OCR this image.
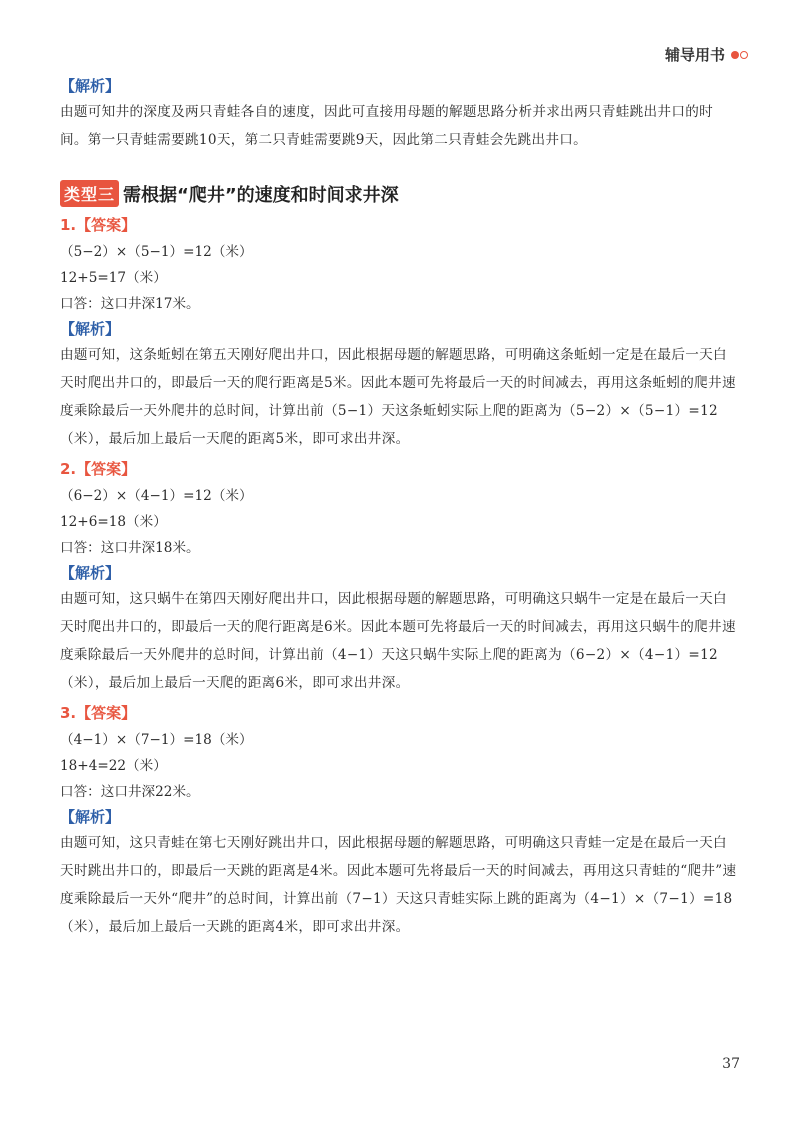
辅导用书

【解析】

由题可知井的深度及两只青蛙各自的速度，因此可直接用母题的解题思路分析并求出两只青蛙跳出井口的时间。第一只青蛙需要跳10天，第二只青蛙需要跳9天，因此第二只青蛙会先跳出井口。

类型三 需根据“爬井”的速度和时间求井深

1.【答案】

（5−2）×（5−1）=12（米）

12+5=17（米）

口答：这口井深17米。

【解析】

由题可知，这条蚯蚓在第五天刚好爬出井口，因此根据母题的解题思路，可明确这条蚯蚓一定是在最后一天白天时爬出井口的，即最后一天的爬行距离是5米。因此本题可先将最后一天的时间减去，再用这条蚯蚓的爬井速度乘除最后一天外爬井的总时间，计算出前（5−1）天这条蚯蚓实际上爬的距离为（5−2）×（5−1）=12（米），最后加上最后一天爬的距离5米，即可求出井深。

2.【答案】

（6−2）×（4−1）=12（米）

12+6=18（米）

口答：这口井深18米。

【解析】

由题可知，这只蜗牛在第四天刚好爬出井口，因此根据母题的解题思路，可明确这只蜗牛一定是在最后一天白天时爬出井口的，即最后一天的爬行距离是6米。因此本题可先将最后一天的时间减去，再用这只蜗牛的爬井速度乘除最后一天外爬井的总时间，计算出前（4−1）天这只蜗牛实际上爬的距离为（6−2）×（4−1）=12（米），最后加上最后一天爬的距离6米，即可求出井深。

3.【答案】

（4−1）×（7−1）=18（米）

18+4=22（米）

口答：这口井深22米。

【解析】

由题可知，这只青蛙在第七天刚好跳出井口，因此根据母题的解题思路，可明确这只青蛙一定是在最后一天白天时跳出井口的，即最后一天跳的距离是4米。因此本题可先将最后一天的时间减去，再用这只青蛙的“爬井”速度乘除最后一天外“爬井”的总时间，计算出前（7−1）天这只青蛙实际上跳的距离为（4−1）×（7−1）=18（米），最后加上最后一天跳的距离4米，即可求出井深。

37
